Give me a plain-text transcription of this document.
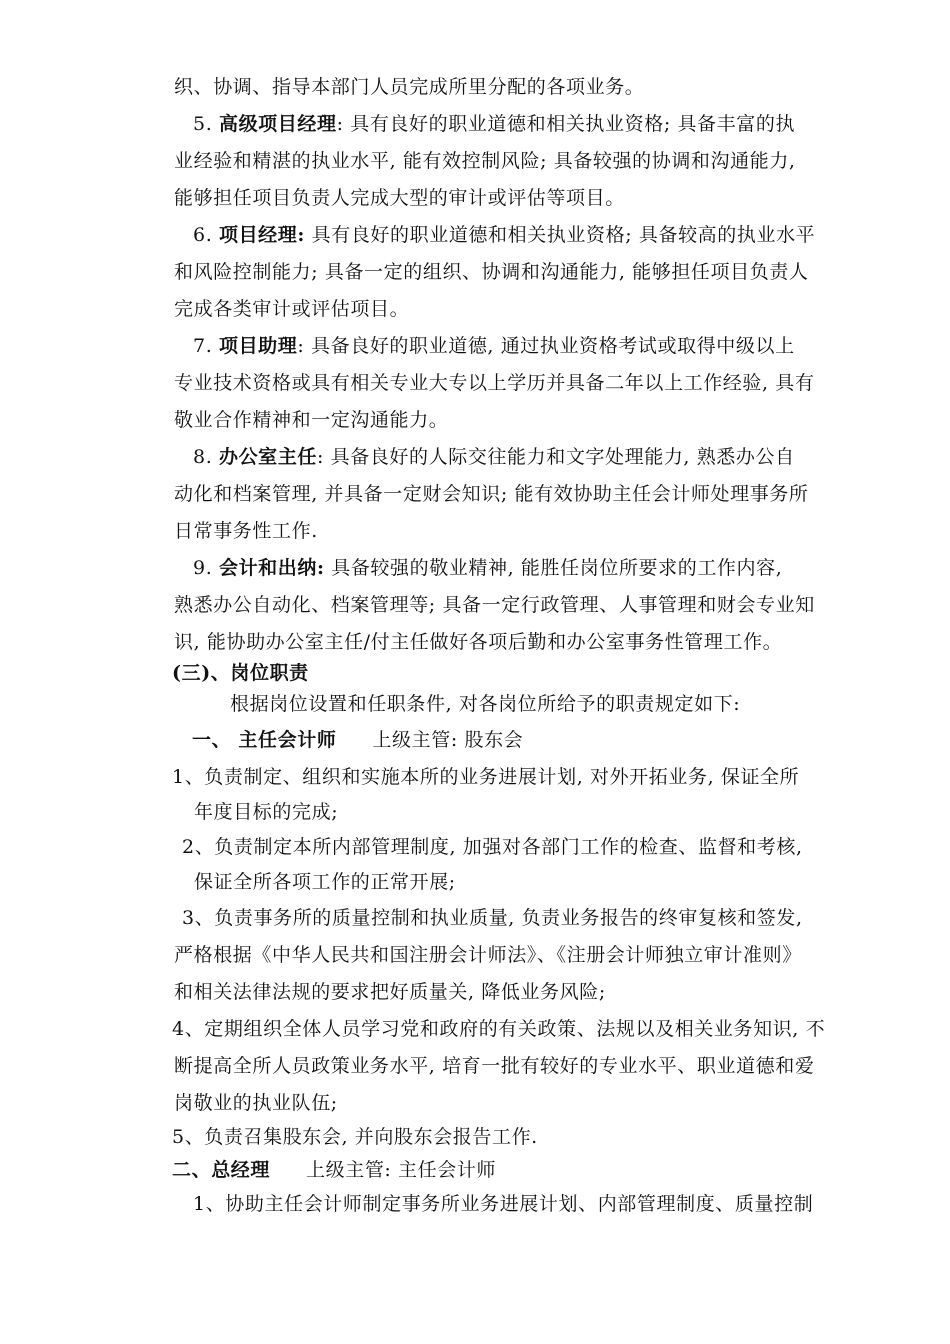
织、协调、指导本部门人员完成所里分配的各项业务。
5. 高级项目经理: 具有良好的职业道德和相关执业资格; 具备丰富的执
业经验和精湛的执业水平, 能有效控制风险; 具备较强的协调和沟通能力,
能够担任项目负责人完成大型的审计或评估等项目。
6. 项目经理: 具有良好的职业道德和相关执业资格; 具备较高的执业水平
和风险控制能力; 具备一定的组织、协调和沟通能力, 能够担任项目负责人
完成各类审计或评估项目。
7. 项目助理: 具备良好的职业道德, 通过执业资格考试或取得中级以上
专业技术资格或具有相关专业大专以上学历并具备二年以上工作经验, 具有
敬业合作精神和一定沟通能力。
8. 办公室主任: 具备良好的人际交往能力和文字处理能力, 熟悉办公自
动化和档案管理, 并具备一定财会知识; 能有效协助主任会计师处理事务所
日常事务性工作.
9. 会计和出纳: 具备较强的敬业精神, 能胜任岗位所要求的工作内容,
熟悉办公自动化、档案管理等; 具备一定行政管理、人事管理和财会专业知
识, 能协助办公室主任/付主任做好各项后勤和办公室事务性管理工作。
(三)、岗位职责
根据岗位设置和任职条件, 对各岗位所给予的职责规定如下:
一、 主任会计师 上级主管: 股东会
1、负责制定、组织和实施本所的业务进展计划, 对外开拓业务, 保证全所
年度目标的完成;
2、负责制定本所内部管理制度, 加强对各部门工作的检查、监督和考核,
保证全所各项工作的正常开展;
3、负责事务所的质量控制和执业质量, 负责业务报告的终审复核和签发,
严格根据《中华人民共和国注册会计师法》、《注册会计师独立审计准则》
和相关法律法规的要求把好质量关, 降低业务风险;
4、定期组织全体人员学习党和政府的有关政策、法规以及相关业务知识, 不
断提高全所人员政策业务水平, 培育一批有较好的专业水平、职业道德和爱
岗敬业的执业队伍;
5、负责召集股东会, 并向股东会报告工作.
二、总经理 上级主管: 主任会计师
1、协助主任会计师制定事务所业务进展计划、内部管理制度、质量控制
